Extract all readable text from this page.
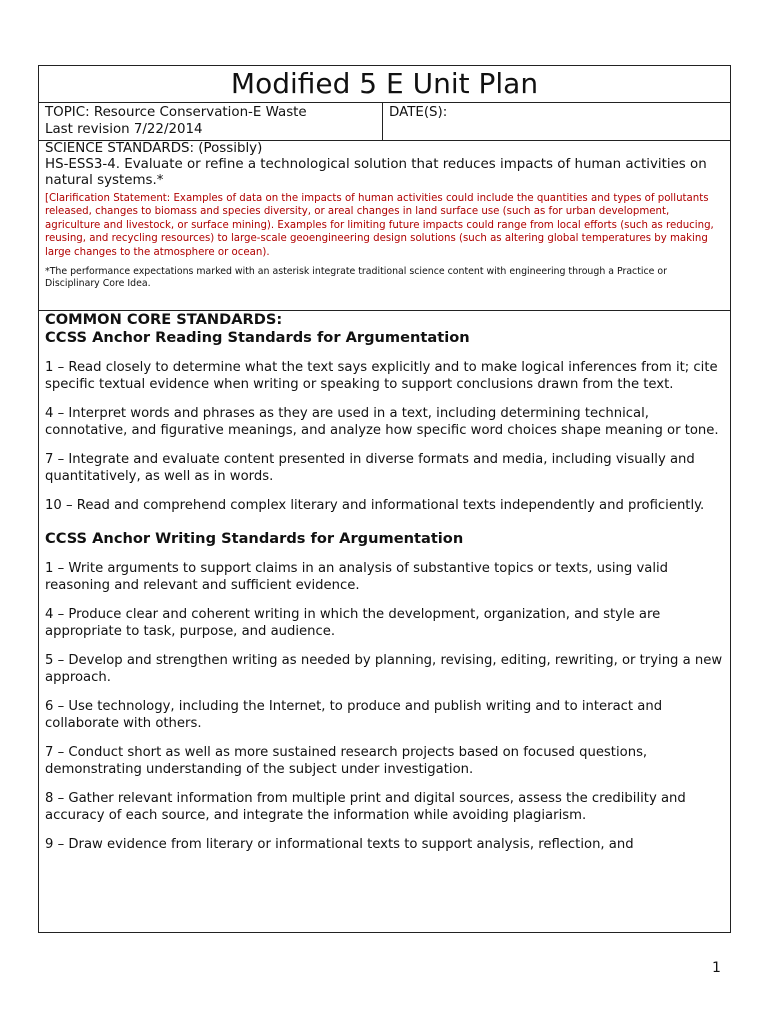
Modified 5 E Unit Plan
TOPIC: Resource Conservation-E Waste
Last revision 7/22/2014
DATE(S):

SCIENCE STANDARDS: (Possibly)

HS-ESS3-4. Evaluate or refine a technological solution that reduces impacts of human activities on natural systems.*

[Clarification Statement: Examples of data on the impacts of human activities could include the quantities and types of pollutants released, changes to biomass and species diversity, or areal changes in land surface use (such as for urban development, agriculture and livestock, or surface mining). Examples for limiting future impacts could range from local efforts (such as reducing, reusing, and recycling resources) to large-scale geoengineering design solutions (such as altering global temperatures by making large changes to the atmosphere or ocean).

*The performance expectations marked with an asterisk integrate traditional science content with engineering through a Practice or Disciplinary Core Idea.

COMMON CORE STANDARDS:

CCSS Anchor Reading Standards for Argumentation

1 – Read closely to determine what the text says explicitly and to make logical inferences from it; cite specific textual evidence when writing or speaking to support conclusions drawn from the text.

4 – Interpret words and phrases as they are used in a text, including determining technical, connotative, and figurative meanings, and analyze how specific word choices shape meaning or tone.

7 – Integrate and evaluate content presented in diverse formats and media, including visually and quantitatively, as well as in words.

10 – Read and comprehend complex literary and informational texts independently and proficiently.

CCSS Anchor Writing Standards for Argumentation

1 – Write arguments to support claims in an analysis of substantive topics or texts, using valid reasoning and relevant and sufficient evidence.

4 – Produce clear and coherent writing in which the development, organization, and style are appropriate to task, purpose, and audience.

5 – Develop and strengthen writing as needed by planning, revising, editing, rewriting, or trying a new approach.

6 – Use technology, including the Internet, to produce and publish writing and to interact and collaborate with others.

7 – Conduct short as well as more sustained research projects based on focused questions, demonstrating understanding of the subject under investigation.

8 – Gather relevant information from multiple print and digital sources, assess the credibility and accuracy of each source, and integrate the information while avoiding plagiarism.

9 – Draw evidence from literary or informational texts to support analysis, reflection, and

1
